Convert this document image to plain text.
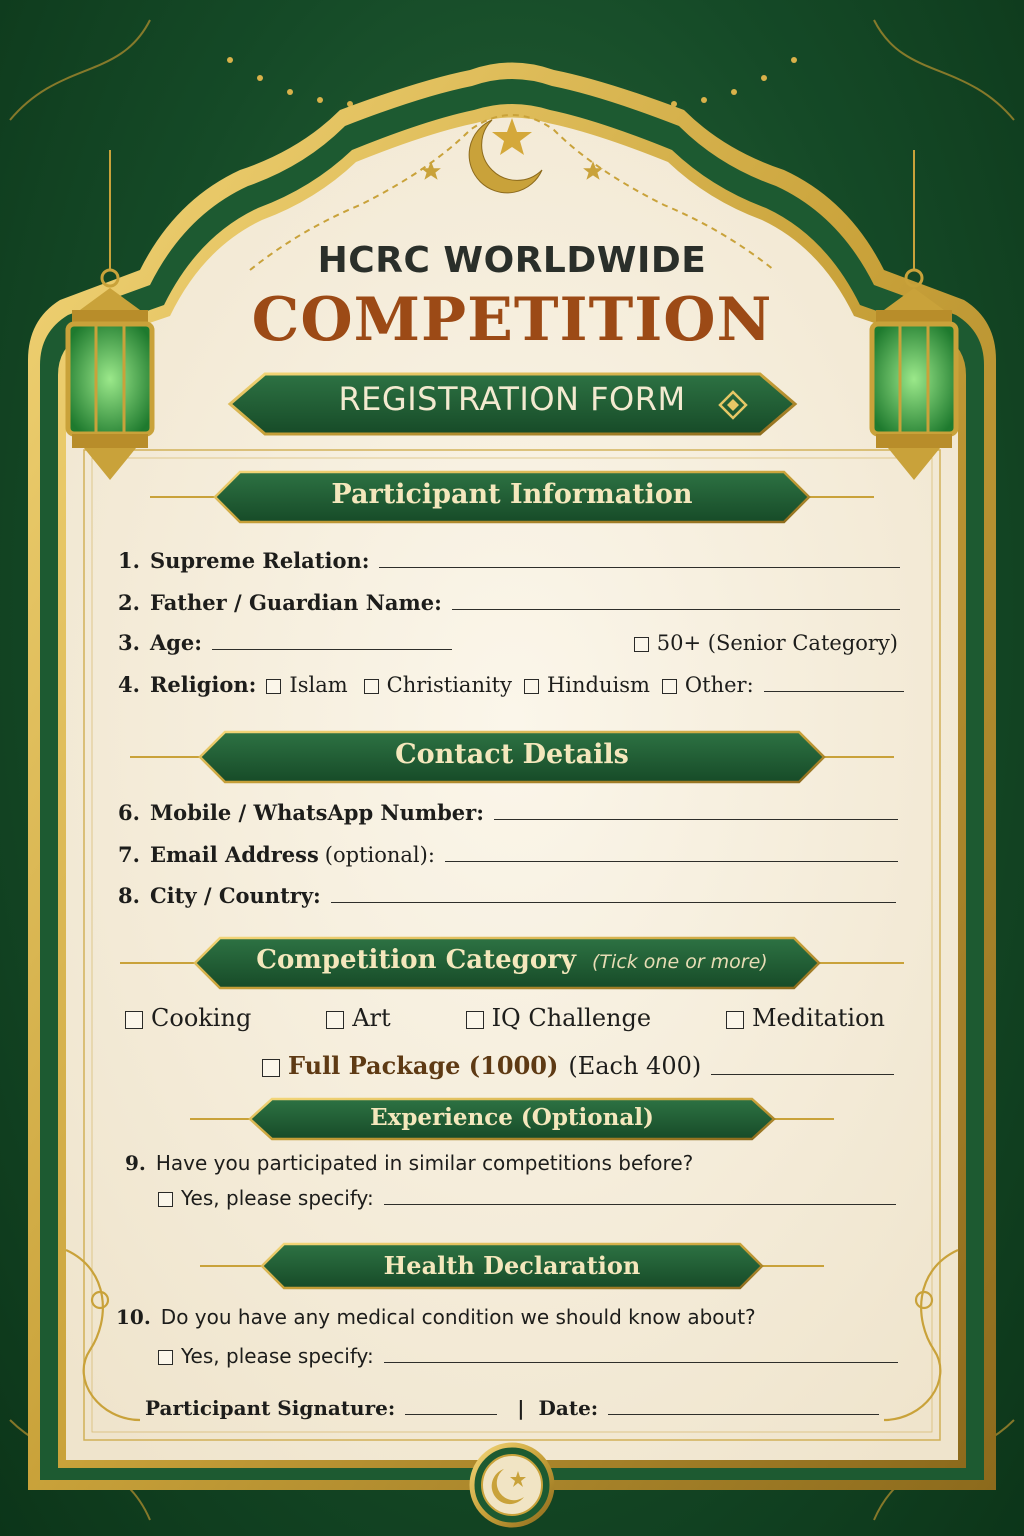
HCRC WORLDWIDE
COMPETITION
REGISTRATION FORM
Participant Information
1. Supreme Relation:
2. Father / Guardian Name:
3. Age:	50+ (Senior Category)
4. Religion: Islam Christianity Hinduism Other:
Contact Details
6. Mobile / WhatsApp Number:
7. Email Address (optional):
8. City / Country:
Competition Category (Tick one or more)
Cooking	Art	IQ Challenge	Meditation
Full Package (1000) (Each 400)
Experience (Optional)
9. Have you participated in similar competitions before?
Yes, please specify:
Health Declaration
10. Do you have any medical condition we should know about?
Yes, please specify:
Participant Signature:	| Date:
